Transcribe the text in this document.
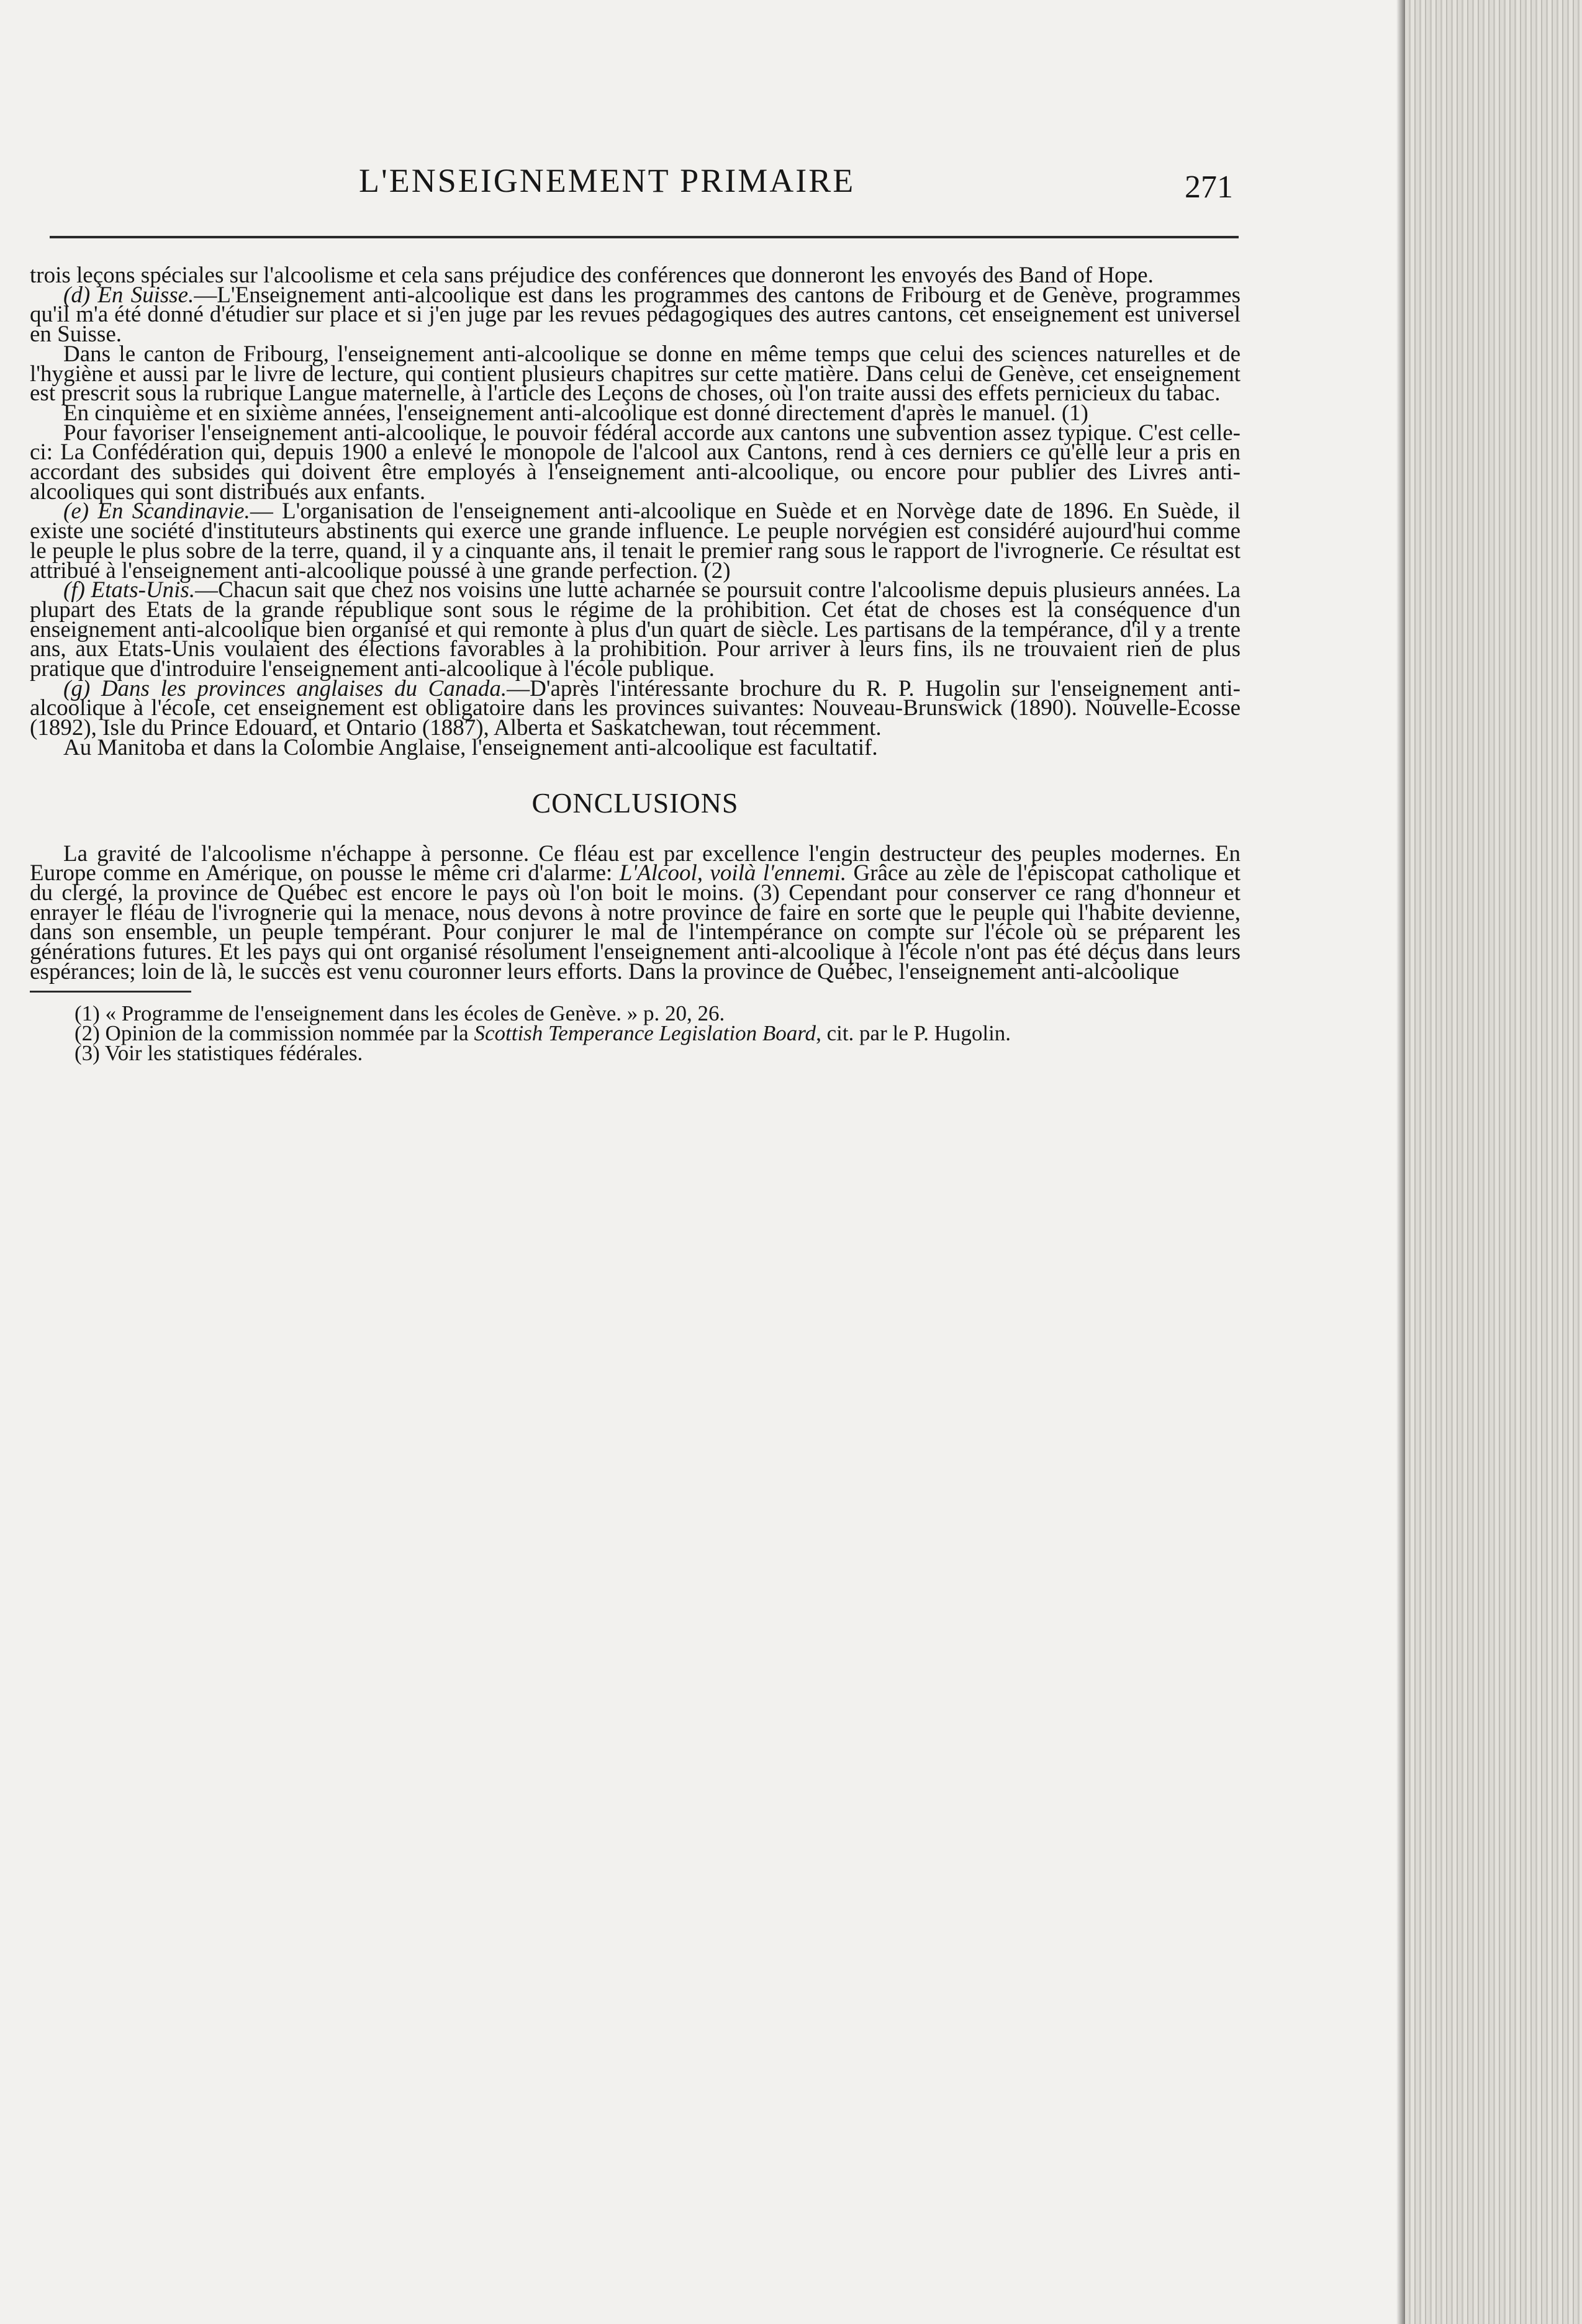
L'ENSEIGNEMENT PRIMAIRE	271

trois leçons spéciales sur l'alcoolisme et cela sans préjudice des conférences que donneront les envoyés des Band of Hope.

(d) En Suisse.—L'Enseignement anti-alcoolique est dans les programmes des cantons de Fribourg et de Genève, programmes qu'il m'a été donné d'étudier sur place et si j'en juge par les revues pédagogiques des autres cantons, cet enseignement est universel en Suisse.

Dans le canton de Fribourg, l'enseignement anti-alcoolique se donne en même temps que celui des sciences naturelles et de l'hygiène et aussi par le livre de lecture, qui contient plusieurs chapitres sur cette matière. Dans celui de Genève, cet enseignement est prescrit sous la rubrique Langue maternelle, à l'article des Leçons de choses, où l'on traite aussi des effets pernicieux du tabac.

En cinquième et en sixième années, l'enseignement anti-alcoolique est donné directement d'après le manuel. (1)

Pour favoriser l'enseignement anti-alcoolique, le pouvoir fédéral accorde aux cantons une subvention assez typique. C'est celle-ci: La Confédération qui, depuis 1900 a enlevé le monopole de l'alcool aux Cantons, rend à ces derniers ce qu'elle leur a pris en accordant des subsides qui doivent être employés à l'enseignement anti-alcoolique, ou encore pour publier des Livres anti-alcooliques qui sont distribués aux enfants.

(e) En Scandinavie.— L'organisation de l'enseignement anti-alcoolique en Suède et en Norvège date de 1896. En Suède, il existe une société d'instituteurs abstinents qui exerce une grande influence. Le peuple norvégien est considéré aujourd'hui comme le peuple le plus sobre de la terre, quand, il y a cinquante ans, il tenait le premier rang sous le rapport de l'ivrognerie. Ce résultat est attribué à l'enseignement anti-alcoolique poussé à une grande perfection. (2)

(f) Etats-Unis.—Chacun sait que chez nos voisins une lutte acharnée se poursuit contre l'alcoolisme depuis plusieurs années. La plupart des Etats de la grande république sont sous le régime de la prohibition. Cet état de choses est la conséquence d'un enseignement anti-alcoolique bien organisé et qui remonte à plus d'un quart de siècle. Les partisans de la tempérance, d'il y a trente ans, aux Etats-Unis voulaient des élections favorables à la prohibition. Pour arriver à leurs fins, ils ne trouvaient rien de plus pratique que d'introduire l'enseignement anti-alcoolique à l'école publique.

(g) Dans les provinces anglaises du Canada.—D'après l'intéressante brochure du R. P. Hugolin sur l'enseignement anti-alcoolique à l'école, cet enseignement est obligatoire dans les provinces suivantes: Nouveau-Brunswick (1890). Nouvelle-Ecosse (1892), Isle du Prince Edouard, et Ontario (1887), Alberta et Saskatchewan, tout récemment.

Au Manitoba et dans la Colombie Anglaise, l'enseignement anti-alcoolique est facultatif.

CONCLUSIONS

La gravité de l'alcoolisme n'échappe à personne. Ce fléau est par excellence l'engin destructeur des peuples modernes. En Europe comme en Amérique, on pousse le même cri d'alarme: L'Alcool, voilà l'ennemi. Grâce au zèle de l'épiscopat catholique et du clergé, la province de Québec est encore le pays où l'on boit le moins. (3) Cependant pour conserver ce rang d'honneur et enrayer le fléau de l'ivrognerie qui la menace, nous devons à notre province de faire en sorte que le peuple qui l'habite devienne, dans son ensemble, un peuple tempérant. Pour conjurer le mal de l'intempérance on compte sur l'école où se préparent les générations futures. Et les pays qui ont organisé résolument l'enseignement anti-alcoolique à l'école n'ont pas été déçus dans leurs espérances; loin de là, le succès est venu couronner leurs efforts. Dans la province de Québec, l'enseignement anti-alcoolique

(1) « Programme de l'enseignement dans les écoles de Genève. » p. 20, 26.

(2) Opinion de la commission nommée par la Scottish Temperance Legislation Board, cit. par le P. Hugolin.

(3) Voir les statistiques fédérales.
